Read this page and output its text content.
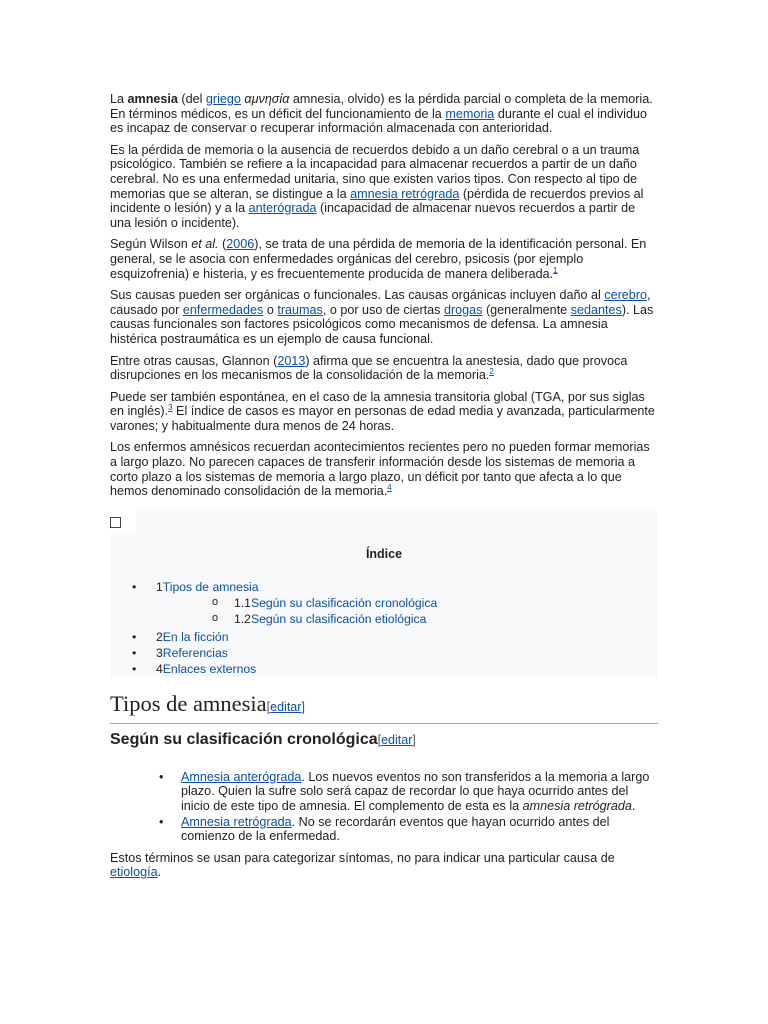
La amnesia (del griego αμνησία amnesia, olvido) es la pérdida parcial o completa de la memoria. En términos médicos, es un déficit del funcionamiento de la memoria durante el cual el individuo es incapaz de conservar o recuperar información almacenada con anterioridad.

Es la pérdida de memoria o la ausencia de recuerdos debido a un daño cerebral o a un trauma psicológico. También se refiere a la incapacidad para almacenar recuerdos a partir de un daño cerebral. No es una enfermedad unitaria, sino que existen varios tipos. Con respecto al tipo de memorias que se alteran, se distingue a la amnesia retrógrada (pérdida de recuerdos previos al incidente o lesión) y a la anterógrada (incapacidad de almacenar nuevos recuerdos a partir de una lesión o incidente).

Según Wilson et al. (2006), se trata de una pérdida de memoria de la identificación personal. En general, se le asocia con enfermedades orgánicas del cerebro, psicosis (por ejemplo esquizofrenia) e histeria, y es frecuentemente producida de manera deliberada.$^1$

Sus causas pueden ser orgánicas o funcionales. Las causas orgánicas incluyen daño al cerebro, causado por enfermedades o traumas, o por uso de ciertas drogas (generalmente sedantes). Las causas funcionales son factores psicológicos como mecanismos de defensa. La amnesia histérica postraumática es un ejemplo de causa funcional.

Entre otras causas, Glannon (2013) afirma que se encuentra la anestesia, dado que provoca disrupciones en los mecanismos de la consolidación de la memoria.$^2$

Puede ser también espontánea, en el caso de la amnesia transitoria global (TGA, por sus siglas en inglés).$^3$ El índice de casos es mayor en personas de edad media y avanzada, particularmente varones; y habitualmente dura menos de 24 horas.

Los enfermos amnésicos recuerdan acontecimientos recientes pero no pueden formar memorias a largo plazo. No parecen capaces de transferir información desde los sistemas de memoria a corto plazo a los sistemas de memoria a largo plazo, un déficit por tanto que afecta a lo que hemos denominado consolidación de la memoria.$^4$

Índice
• 1Tipos de amnesia
o 1.1Según su clasificación cronológica
o 1.2Según su clasificación etiológica
• 2En la ficción
• 3Referencias
• 4Enlaces externos
Tipos de amnesia[editar]
Según su clasificación cronológica[editar]
• Amnesia anterógrada. Los nuevos eventos no son transferidos a la memoria a largo plazo. Quien la sufre solo será capaz de recordar lo que haya ocurrido antes del inicio de este tipo de amnesia. El complemento de esta es la amnesia retrógrada.
• Amnesia retrógrada. No se recordarán eventos que hayan ocurrido antes del comienzo de la enfermedad.

Estos términos se usan para categorizar síntomas, no para indicar una particular causa de etiología.
